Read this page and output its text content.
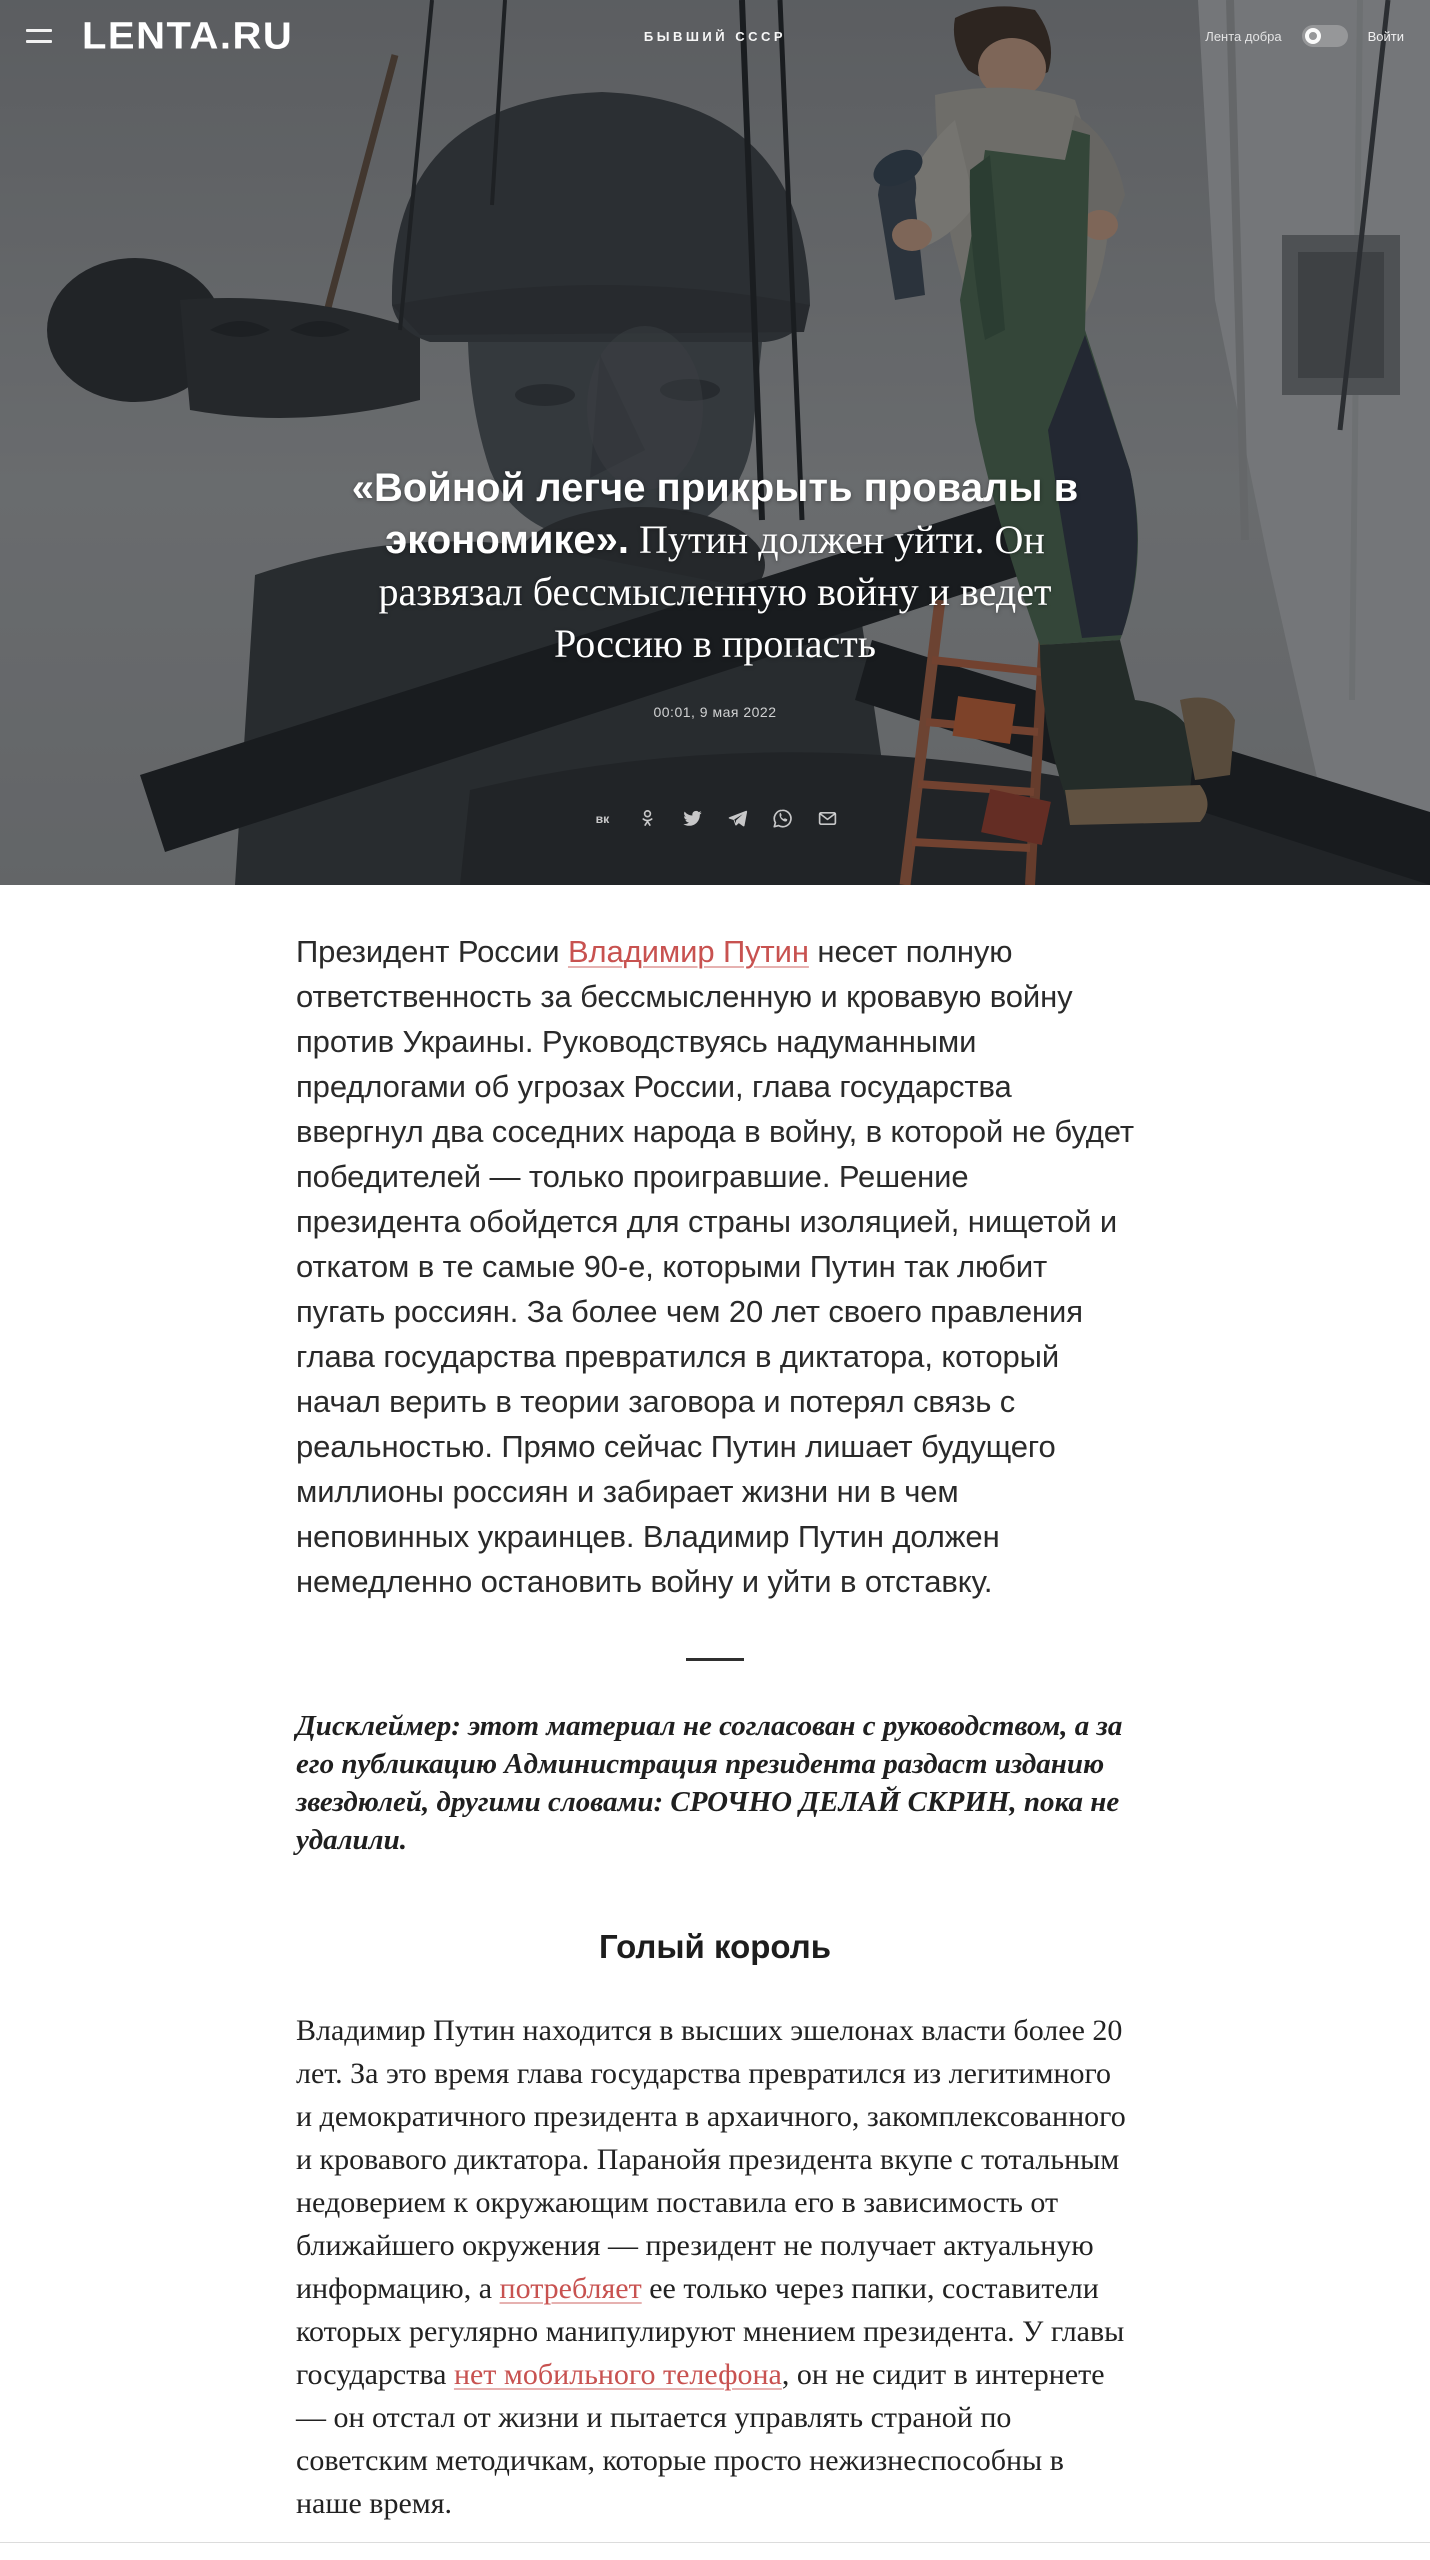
LENTA.RU	БЫВШИЙ СССР	Лента добра	Войти
«Войной легче прикрыть провалы в экономике». Путин должен уйти. Он развязал бессмысленную войну и ведет Россию в пропасть
00:01, 9 мая 2022
вк

Президент России Владимир Путин несет полную ответственность за бессмысленную и кровавую войну против Украины. Руководствуясь надуманными предлогами об угрозах России, глава государства ввергнул два соседних народа в войну, в которой не будет победителей — только проигравшие. Решение президента обойдется для страны изоляцией, нищетой и откатом в те самые 90-е, которыми Путин так любит пугать россиян. За более чем 20 лет своего правления глава государства превратился в диктатора, который начал верить в теории заговора и потерял связь с реальностью. Прямо сейчас Путин лишает будущего миллионы россиян и забирает жизни ни в чем неповинных украинцев. Владимир Путин должен немедленно остановить войну и уйти в отставку.

Дисклеймер: этот материал не согласован с руководством, а за его публикацию Администрация президента раздаст изданию звездюлей, другими словами: СРОЧНО ДЕЛАЙ СКРИН, пока не удалили.

Голый король

Владимир Путин находится в высших эшелонах власти более 20 лет. За это время глава государства превратился из легитимного и демократичного президента в архаичного, закомплексованного и кровавого диктатора. Паранойя президента вкупе с тотальным недоверием к окружающим поставила его в зависимость от ближайшего окружения — президент не получает актуальную информацию, а потребляет ее только через папки, составители которых регулярно манипулируют мнением президента. У главы государства нет мобильного телефона, он не сидит в интернете — он отстал от жизни и пытается управлять страной по советским методичкам, которые просто нежизнеспособны в наше время.
